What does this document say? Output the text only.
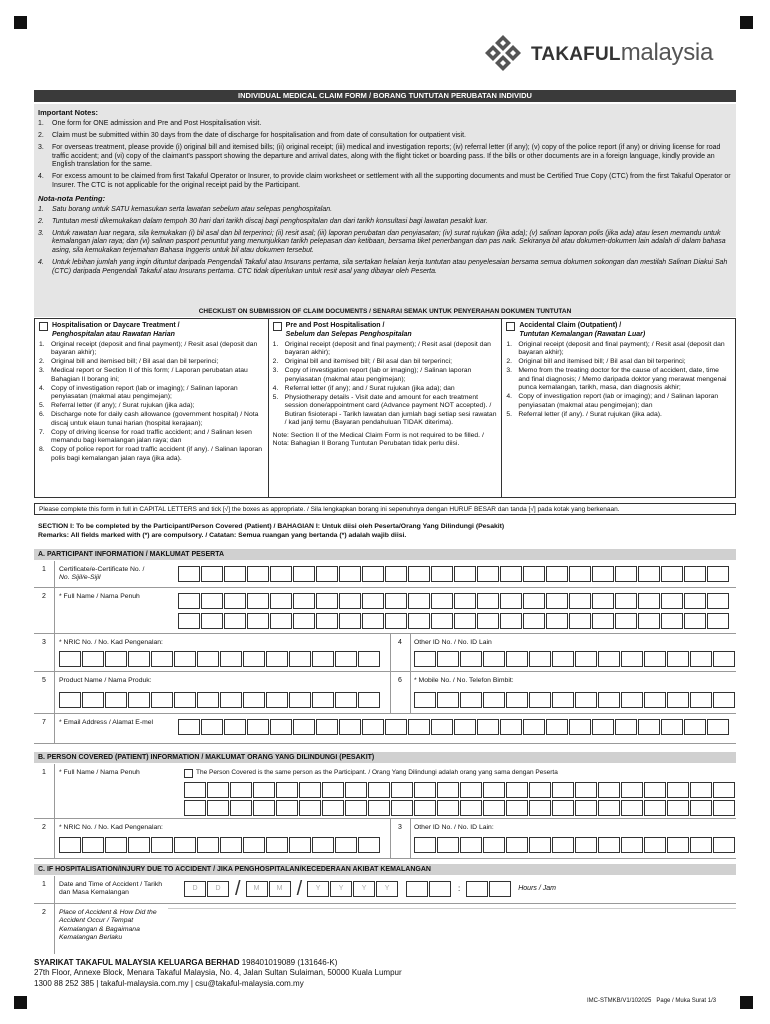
TAKAFULmalaysia
INDIVIDUAL MEDICAL CLAIM FORM / BORANG TUNTUTAN PERUBATAN INDIVIDU
Important Notes:
1.	One form for ONE admission and Pre and Post Hospitalisation visit.
2.	Claim must be submitted within 30 days from the date of discharge for hospitalisation and from date of consultation for outpatient visit.
3.	For overseas treatment, please provide (i) original bill and itemised bills; (ii) original receipt; (iii) medical and investigation reports; (iv) referral letter (if any); (v) copy of the police report (if any) or driving license for road traffic accident; and (vi) copy of the claimant's passport showing the departure and arrival dates, along with the flight ticket or boarding pass. If the bills or other documents are in a foreign language, kindly provide an English translation for the same.
4.	For excess amount to be claimed from first Takaful Operator or Insurer, to provide claim worksheet or settlement with all the supporting documents and must be Certified True Copy (CTC) from the first Takaful Operator or Insurer. The CTC is not applicable for the original receipt paid by the Participant.
Nota-nota Penting:
1.	Satu borang untuk SATU kemasukan serta lawatan sebelum atau selepas penghospitalan.
2.	Tuntutan mesti dikemukakan dalam tempoh 30 hari dari tarikh discaj bagi penghospitalan dan dari tarikh konsultasi bagi lawatan pesakit luar.
3.	Untuk rawatan luar negara, sila kemukakan (i) bil asal dan bil terperinci; (ii) resit asal; (iii) laporan perubatan dan penyiasatan; (iv) surat rujukan (jika ada); (v) salinan laporan polis (jika ada) atau lesen memandu untuk kemalangan jalan raya; dan (vi) salinan pasport penuntut yang menunjukkan tarikh pelepasan dan ketibaan, bersama tiket penerbangan dan pas naik. Sekiranya bil atau dokumen-dokumen lain adalah di dalam bahasa asing, sila kemukakan terjemahan Bahasa Inggeris untuk bil atau dokumen tersebut.
4.	Untuk lebihan jumlah yang ingin dituntut daripada Pengendali Takaful atau Insurans pertama, sila sertakan helaian kerja tuntutan atau penyelesaian bersama semua dokumen sokongan dan mestilah Salinan Diakui Sah (CTC) daripada Pengendali Takaful atau Insurans pertama. CTC tidak diperlukan untuk resit asal yang dibayar oleh Peserta.
CHECKLIST ON SUBMISSION OF CLAIM DOCUMENTS / SENARAI SEMAK UNTUK PENYERAHAN DOKUMEN TUNTUTAN
Hospitalisation or Daycare Treatment /
Penghospitalan atau Rawatan Harian
1. Original receipt (deposit and final payment); / Resit asal (deposit dan bayaran akhir);
2. Original bill and itemised bill; / Bil asal dan bil terperinci;
3. Medical report or Section II of this form; / Laporan perubatan atau Bahagian II borang ini;
4. Copy of investigation report (lab or imaging); / Salinan laporan penyiasatan (makmal atau pengimejan);
5. Referral letter (if any); / Surat rujukan (jika ada);
6. Discharge note for daily cash allowance (government hospital) / Nota discaj untuk elaun tunai harian (hospital kerajaan);
7. Copy of driving license for road traffic accident; and / Salinan lesen memandu bagi kemalangan jalan raya; dan
8. Copy of police report for road traffic accident (if any). / Salinan laporan polis bagi kemalangan jalan raya (jika ada).
Pre and Post Hospitalisation /
Sebelum dan Selepas Penghospitalan
1. Original receipt (deposit and final payment); / Resit asal (deposit dan bayaran akhir);
2. Original bill and itemised bill; / Bil asal dan bil terperinci;
3. Copy of investigation report (lab or imaging); / Salinan laporan penyiasatan (makmal atau pengimejan);
4. Referral letter (if any); and / Surat rujukan (jika ada); dan
5. Physiotherapy details - Visit date and amount for each treatment session done/appointment card (Advance payment NOT accepted). / Butiran fisioterapi - Tarikh lawatan dan jumlah bagi setiap sesi rawatan / kad janji temu (Bayaran pendahuluan TIDAK diterima).
Note: Section II of the Medical Claim Form is not required to be filled. / Nota: Bahagian II Borang Tuntutan Perubatan tidak perlu diisi.
Accidental Claim (Outpatient) /
Tuntutan Kemalangan (Rawatan Luar)
1. Original receipt (deposit and final payment); / Resit asal (deposit dan bayaran akhir);
2. Original bill and itemised bill; / Bil asal dan bil terperinci;
3. Memo from the treating doctor for the cause of accident, date, time and final diagnosis; / Memo daripada doktor yang merawat mengenai punca kemalangan, tarikh, masa, dan diagnosis akhir;
4. Copy of investigation report (lab or imaging); and / Salinan laporan penyiasatan (makmal atau pengimejan); dan
5. Referral letter (if any). / Surat rujukan (jika ada).
Please complete this form in full in CAPITAL LETTERS and tick [√] the boxes as appropriate. / Sila lengkapkan borang ini sepenuhnya dengan HURUF BESAR dan tanda [√] pada kotak yang berkenaan.
SECTION I: To be completed by the Participant/Person Covered (Patient) / BAHAGIAN I: Untuk diisi oleh Peserta/Orang Yang Dilindungi (Pesakit)
Remarks: All fields marked with (*) are compulsory. / Catatan: Semua ruangan yang bertanda (*) adalah wajib diisi.
A. PARTICIPANT INFORMATION / MAKLUMAT PESERTA
1	Certificate/e-Certificate No. /
No. Sijil/e-Sijil
2	* Full Name / Nama Penuh
3	* NRIC No. / No. Kad Pengenalan:	4	Other ID No. / No. ID Lain
5	Product Name / Nama Produk:	6	* Mobile No. / No. Telefon Bimbit:
7	* Email Address / Alamat E-mel
B. PERSON COVERED (PATIENT) INFORMATION / MAKLUMAT ORANG YANG DILINDUNGI (PESAKIT)
1	* Full Name / Nama Penuh	The Person Covered is the same person as the Participant. / Orang Yang Dilindungi adalah orang yang sama dengan Peserta
2	* NRIC No. / No. Kad Pengenalan:	3	Other ID No. / No. ID Lain:
C. IF HOSPITALISATION/INJURY DUE TO ACCIDENT / JIKA PENGHOSPITALAN/KECEDERAAN AKIBAT KEMALANGAN
1	Date and Time of Accident / Tarikh dan Masa Kemalangan
D	D /	M	M /	Y	Y	Y	Y	:	Hours / Jam
2	Place of Accident & How Did the Accident Occur / Tempat Kemalangan & Bagaimana Kemalangan Berlaku
SYARIKAT TAKAFUL MALAYSIA KELUARGA BERHAD 198401019089 (131646-K)
27th Floor, Annexe Block, Menara Takaful Malaysia, No. 4, Jalan Sultan Sulaiman, 50000 Kuala Lumpur
1300 88 252 385 | takaful-malaysia.com.my | csu@takaful-malaysia.com.my
IMC-STMKB/V1/102025 Page / Muka Surat 1/3
